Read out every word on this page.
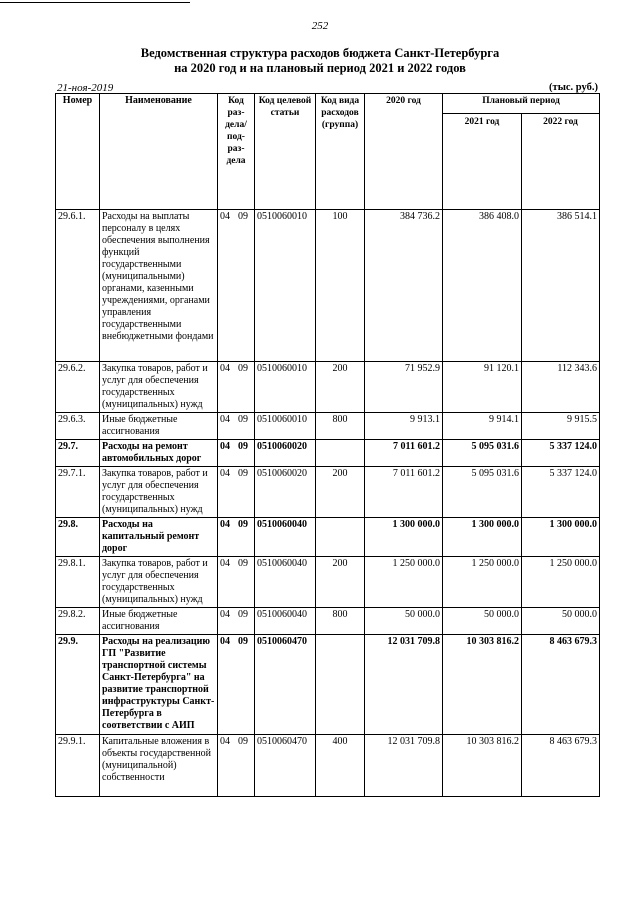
252
Ведомственная структура расходов бюджета Санкт-Петербурга
на 2020 год и на плановый период 2021 и 2022 годов
21-ноя-2019	(тыс. руб.)
Номер	Наименование	Код раз-дела/ под-раз-дела	Код целевой статьи	Код вида расходов (группа)	2020 год	Плановый период	
						2021 год	2022 год
29.6.1.	Расходы на выплаты персоналу в целях обеспечения выполнения функций государственными (муниципальными) органами, казенными учреждениями, органами управления государственными внебюджетными фондами	04 09	0510060010	100	384 736.2	386 408.0	386 514.1
29.6.2.	Закупка товаров, работ и услуг для обеспечения государственных (муниципальных) нужд	04 09	0510060010	200	71 952.9	91 120.1	112 343.6
29.6.3.	Иные бюджетные ассигнования	04 09	0510060010	800	9 913.1	9 914.1	9 915.5
29.7.	Расходы на ремонт автомобильных дорог	04 09	0510060020		7 011 601.2	5 095 031.6	5 337 124.0
29.7.1.	Закупка товаров, работ и услуг для обеспечения государственных (муниципальных) нужд	04 09	0510060020	200	7 011 601.2	5 095 031.6	5 337 124.0
29.8.	Расходы на капитальный ремонт дорог	04 09	0510060040		1 300 000.0	1 300 000.0	1 300 000.0
29.8.1.	Закупка товаров, работ и услуг для обеспечения государственных (муниципальных) нужд	04 09	0510060040	200	1 250 000.0	1 250 000.0	1 250 000.0
29.8.2.	Иные бюджетные ассигнования	04 09	0510060040	800	50 000.0	50 000.0	50 000.0
29.9.	Расходы на реализацию ГП "Развитие транспортной системы Санкт-Петербурга" на развитие транспортной инфраструктуры Санкт-Петербурга в соответствии с АИП	04 09	0510060470		12 031 709.8	10 303 816.2	8 463 679.3
29.9.1.	Капитальные вложения в объекты государственной (муниципальной) собственности	04 09	0510060470	400	12 031 709.8	10 303 816.2	8 463 679.3
